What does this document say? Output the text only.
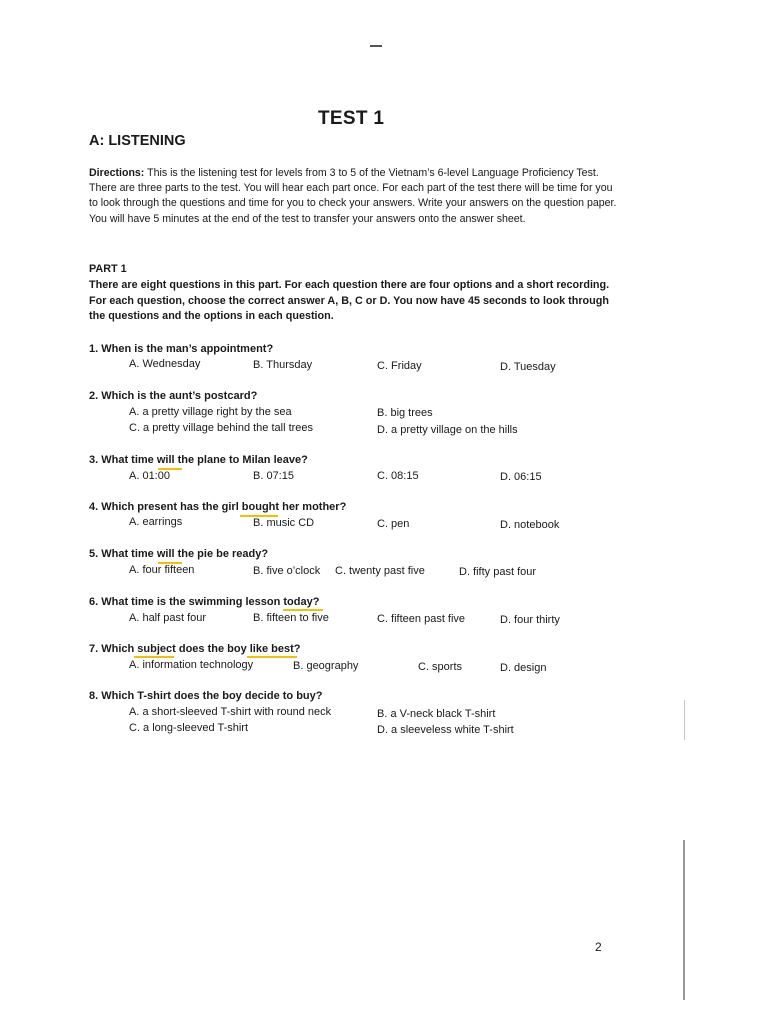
TEST 1
A: LISTENING
Directions: This is the listening test for levels from 3 to 5 of the Vietnam’s 6-level Language Proficiency Test. There are three parts to the test. You will hear each part once. For each part of the test there will be time for you to look through the questions and time for you to check your answers. Write your answers on the question paper. You will have 5 minutes at the end of the test to transfer your answers onto the answer sheet.
PART 1
There are eight questions in this part. For each question there are four options and a short recording. For each question, choose the correct answer A, B, C or D. You now have 45 seconds to look through the questions and the options in each question.
1. When is the man’s appointment?
A. Wednesday	B. Thursday	C. Friday	D. Tuesday
2. Which is the aunt’s postcard?
A. a pretty village right by the sea	B. big trees
C. a pretty village behind the tall trees	D. a pretty village on the hills
3. What time will the plane to Milan leave?
A. 01:00	B. 07:15	C. 08:15	D. 06:15
4. Which present has the girl bought her mother?
A. earrings	B. music CD	C. pen	D. notebook
5. What time will the pie be ready?
A. four fifteen	B. five o’clock C. twenty past five	D. fifty past four
6. What time is the swimming lesson today?
A. half past four	B. fifteen to five	C. fifteen past five	D. four thirty
7. Which subject does the boy like best?
A. information technology	B. geography	C. sports	D. design
8. Which T-shirt does the boy decide to buy?
A. a short-sleeved T-shirt with round neck	B. a V-neck black T-shirt
C. a long-sleeved T-shirt	D. a sleeveless white T-shirt
2
